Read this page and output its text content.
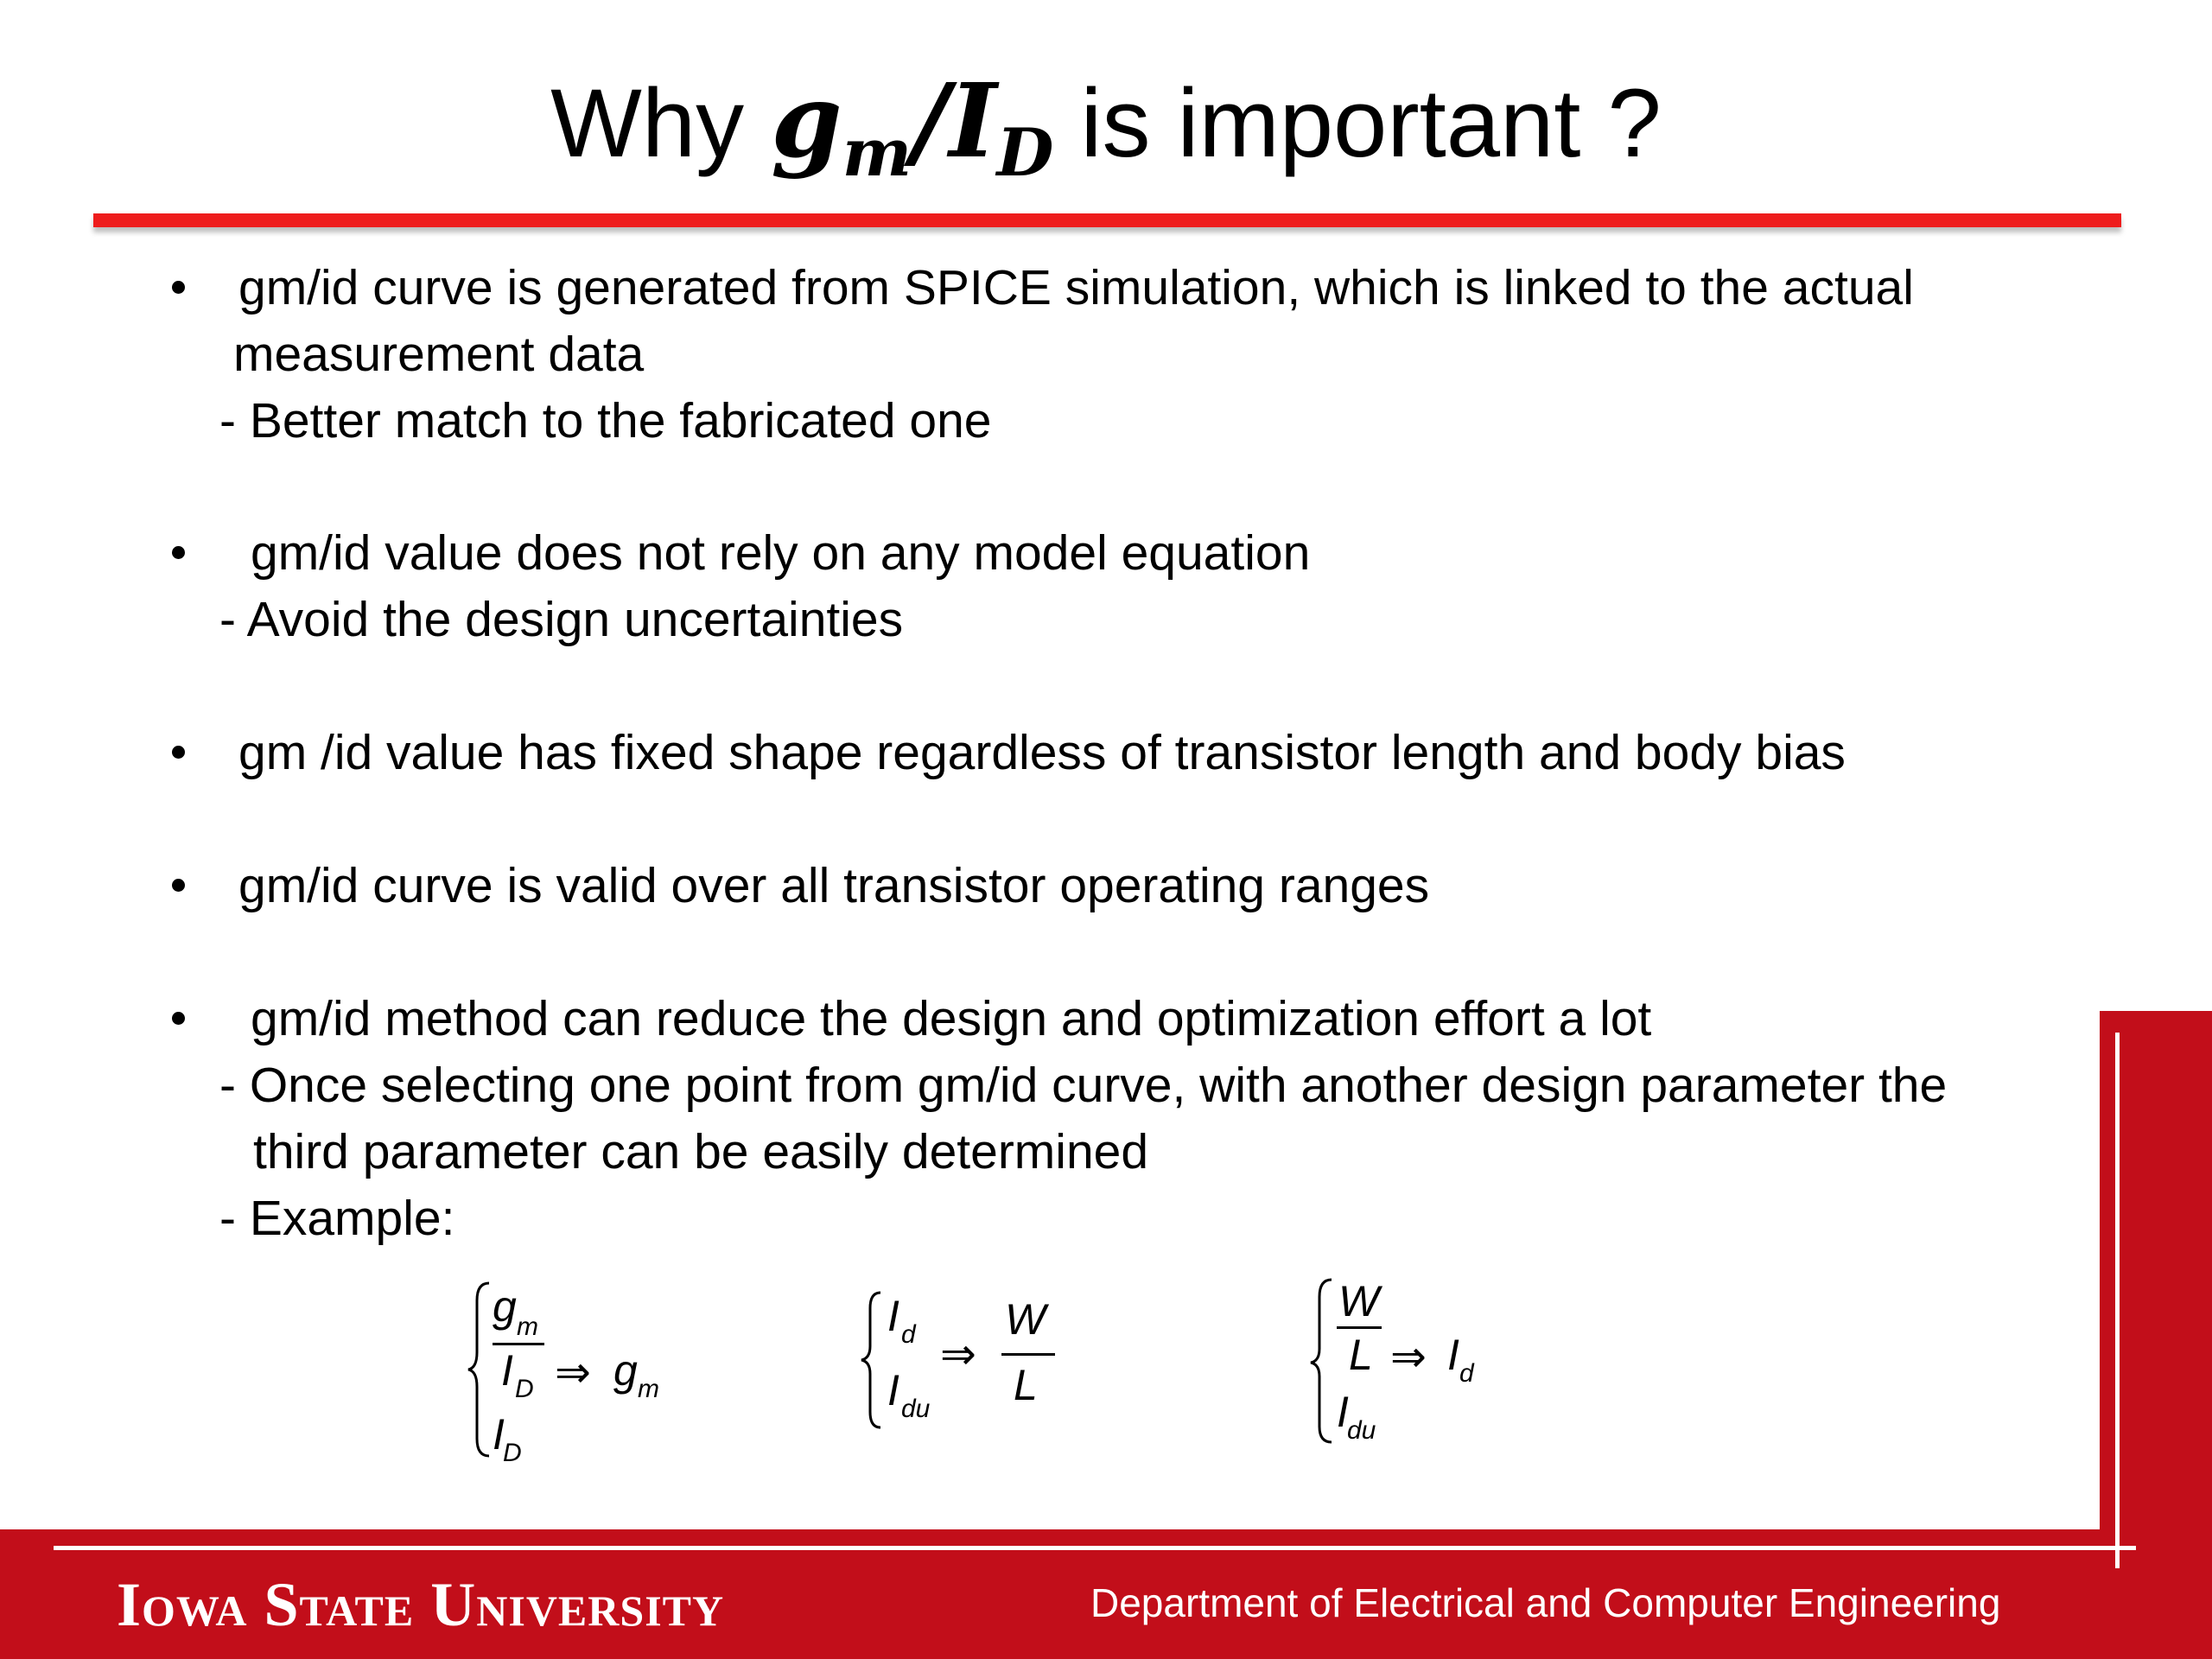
Why $g_m/I_D$ is important ?
gm/id curve is generated from SPICE simulation, which is linked to the actual
measurement data
- Better match to the fabricated one
gm/id value does not rely on any model equation
- Avoid the design uncertainties
gm /id value has fixed shape regardless of transistor length and body bias
gm/id curve is valid over all transistor operating ranges
gm/id method can reduce the design and optimization effort a lot
- Once selecting one point from gm/id curve, with another design parameter the
third parameter can be easily determined
- Example:
g m
I D ⇒ g m
I
D
I d ⇒
W
L
I du
W
L ⇒ I d
I
du
Iowa State University	Department of Electrical and Computer Engineering
